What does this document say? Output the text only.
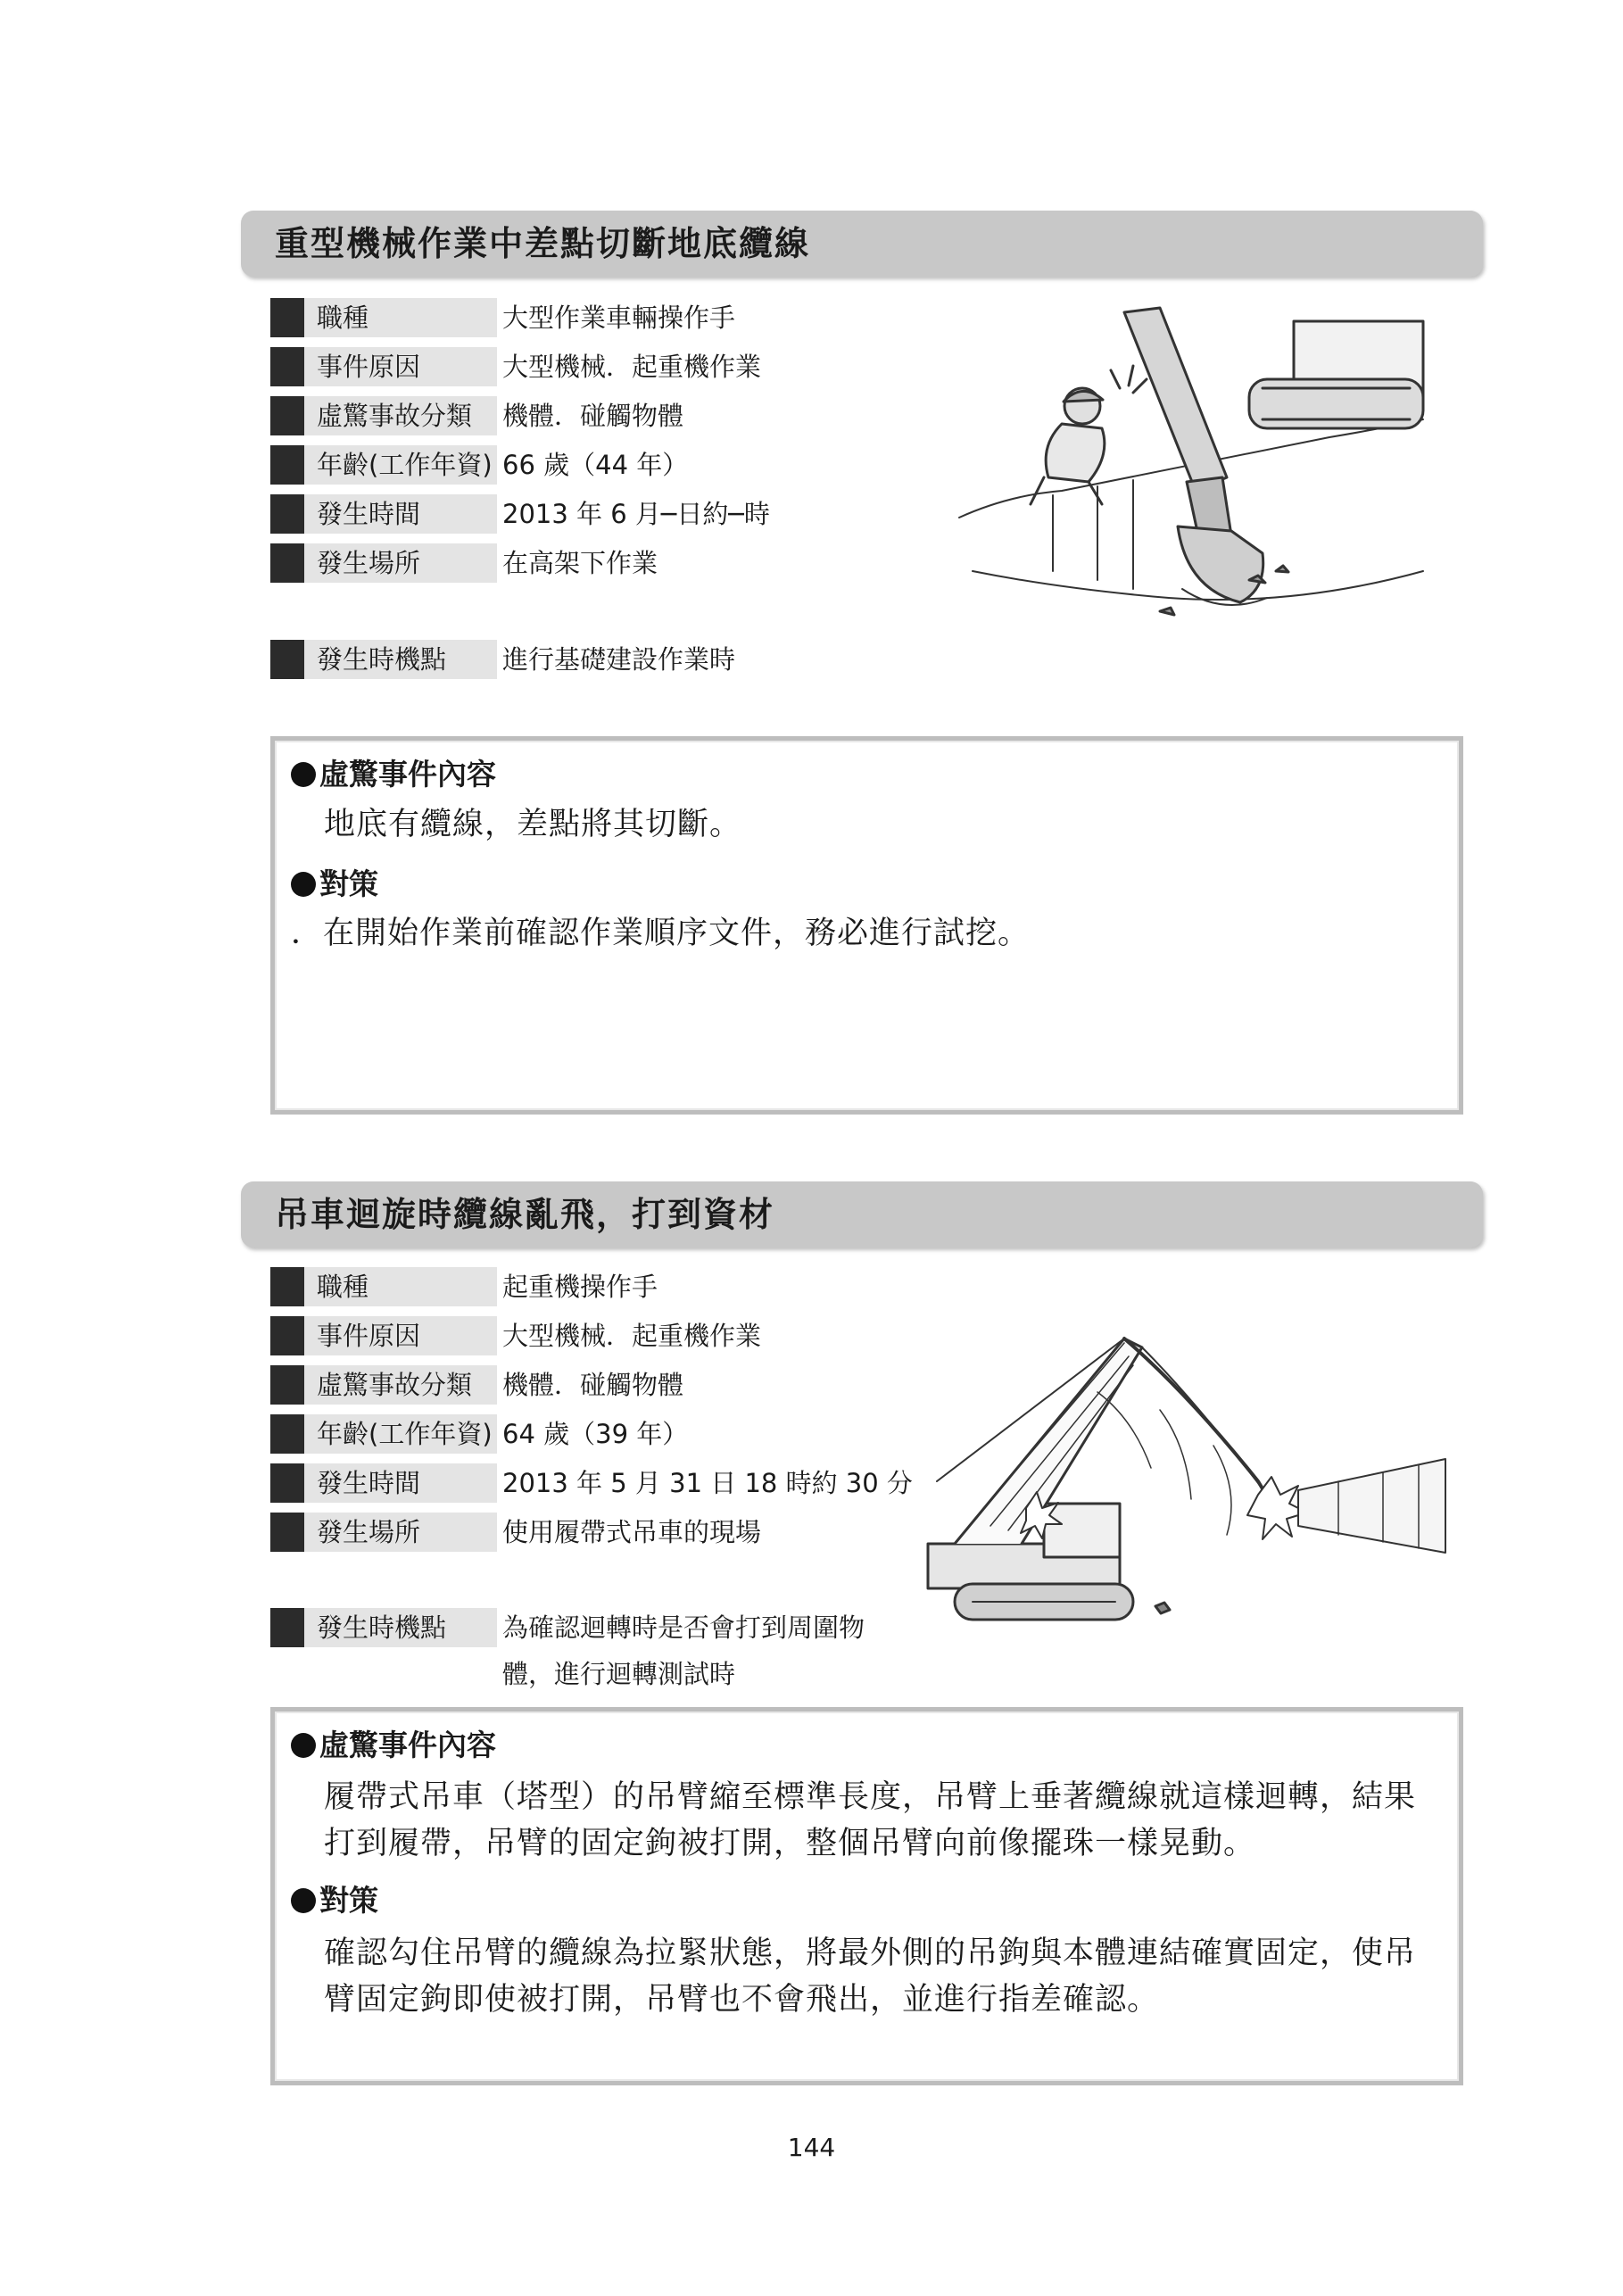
重型機械作業中差點切斷地底纜線
職種	大型作業車輛操作手
事件原因	大型機械．起重機作業
虛驚事故分類	機體．碰觸物體
年齡(工作年資) 66 歲（44 年）
發生時間	2013 年 6 月─日約─時
發生場所	在高架下作業
發生時機點	進行基礎建設作業時
虛驚事件內容
地底有纜線，差點將其切斷。
對策
．在開始作業前確認作業順序文件，務必進行試挖。
吊車迴旋時纜線亂飛，打到資材
職種	起重機操作手
事件原因	大型機械．起重機作業
虛驚事故分類	機體．碰觸物體
年齡(工作年資) 64 歲（39 年）
發生時間	2013 年 5 月 31 日 18 時約 30 分
發生場所	使用履帶式吊車的現場
發生時機點	為確認迴轉時是否會打到周圍物體，進行迴轉測試時
虛驚事件內容
履帶式吊車（塔型）的吊臂縮至標準長度，吊臂上垂著纜線就這樣迴轉，結果打到履帶，吊臂的固定鉤被打開，整個吊臂向前像擺珠一樣晃動。
對策
確認勾住吊臂的纜線為拉緊狀態，將最外側的吊鉤與本體連結確實固定，使吊臂固定鉤即使被打開，吊臂也不會飛出，並進行指差確認。
144
